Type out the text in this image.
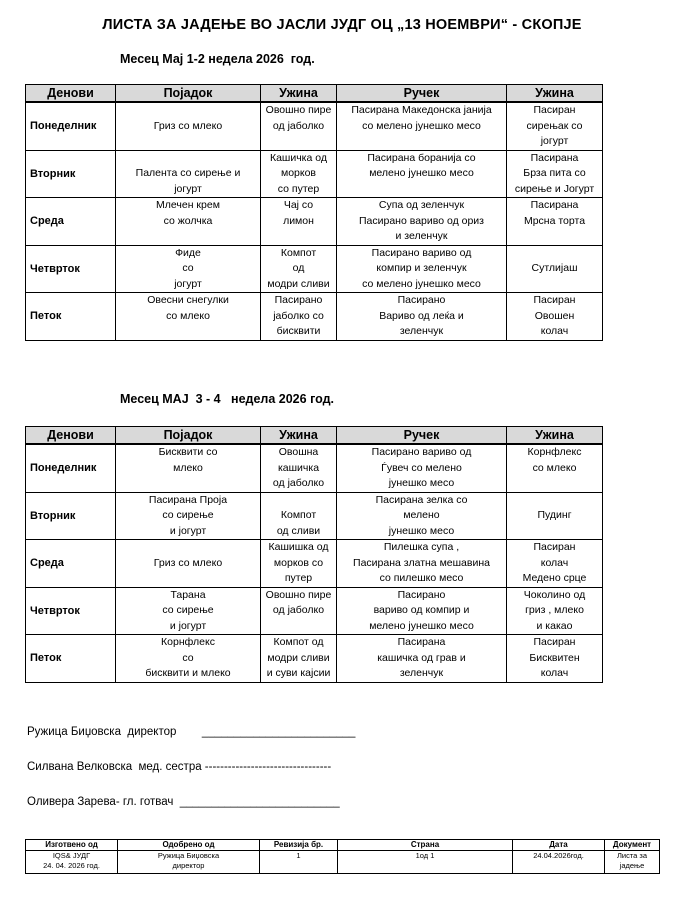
ЛИСТА ЗА ЈАДЕЊЕ ВО ЈАСЛИ ЈУДГ ОЦ „13 НОЕМВРИ“ - СКОПЈЕ
Месец Мај 1-2 недела 2026  год.
Денови	Појадок	Ужина	Ручек	Ужина
Понеделник	Гриз со млеко	Овошно пире
од јаболко	Пасирана Македонска јанија
со мелено јунешко месо	Пасиран
сирењак со
јогурт

Вторник	Палента со сирење и
јогурт	Кашичка од
морков
со путер	Пасирана боранија со
мелено јунешко месо	Пасирана
Брза пита со
сирење и Јогурт

Среда	Млечен крем
со жолчка	Чај со
лимон	Супа од зеленчук
Пасирано вариво од ориз
и зеленчук	Пасирана
Мрсна торта

Четврток	Фиде
со
јогурт	Компот
од
модри сливи	Пасирано вариво од
компир и зеленчук
со мелено јунешко месо	Сутлијаш

Петок	Овесни снегулки
со млеко	Пасирано
јаболко со
бисквити	Пасирано
Вариво од леќа и
зеленчук	Пасиран
Овошен
колач
Месец МАЈ  3 - 4   недела 2026 год.
Денови	Појадок	Ужина	Ручек	Ужина
Понеделник	Бисквити со
млеко	Овошна
кашичка
од јаболко	Пасирано вариво од
Ѓувеч со мелено
јунешко месо	Корнфлекс
со млеко

Вторник	Пасирана Проја
со сирење
и јогурт	Компот
од сливи	Пасирана зелка со
мелено
јунешко месо	Пудинг

Среда	Гриз со млеко	Кашишка од
морков со
путер	Пилешка супа ,
Пасирана златна мешавина
со пилешко месо	Пасиран
колач
Медено срце

Четврток	Тарана
со сирење
и јогурт	Овошно пире
од јаболко	Пасирано
вариво од компир и
мелено јунешко месо	Чоколино од
гриз , млеко
и какао

Петок	Корнфлекс
со
бисквити и млеко	Компот од
модри сливи
и суви кајсии	Пасирана
кашичка од грав и
зеленчук	Пасиран
Бисквитен
колач
Ружица Биџовска  директор        ________________________
Силвана Велковска  мед. сестра ---------------------------------
Оливера Зарева- гл. готвач  _________________________
Изготвено од	Одобрено од	Ревизија бр.	Страна	Дата	Документ

IQS& ЈУДГ
24. 04. 2026 год.	Ружица Биџовска
директор	1	1од 1	24.04.2026год.	Листа за
јадење
